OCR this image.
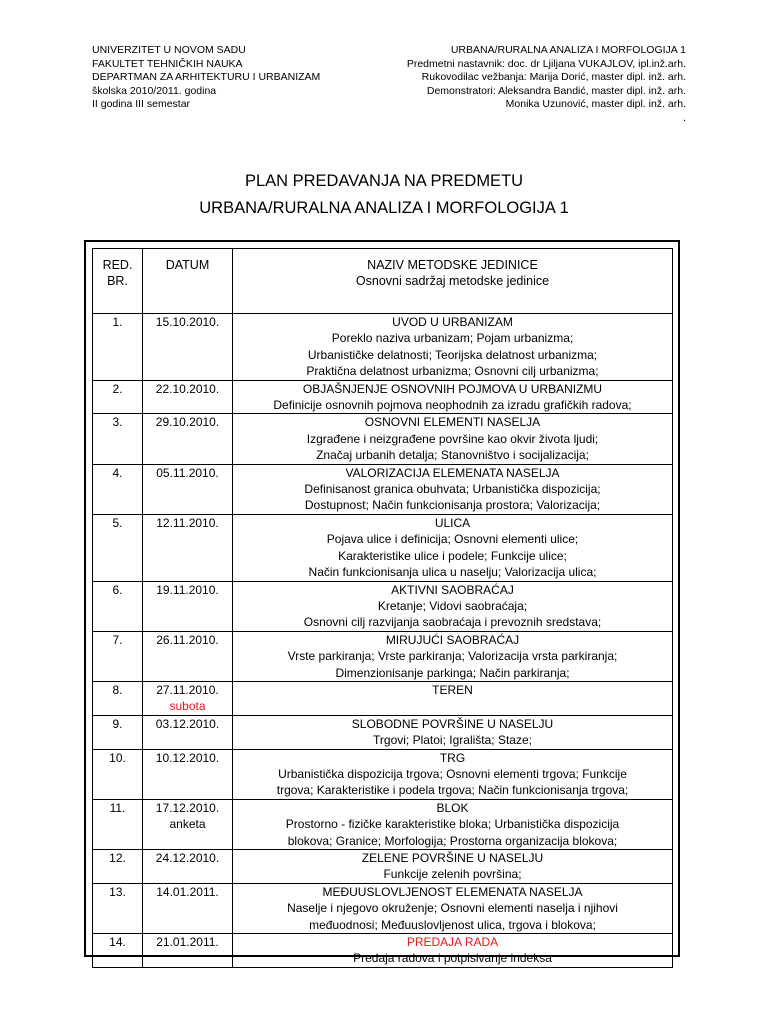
UNIVERZITET U NOVOM SADU
FAKULTET TEHNIČKIH NAUKA
DEPARTMAN ZA ARHITEKTURU I URBANIZAM
školska 2010/2011. godina
II godina III semestar
URBANA/RURALNA ANALIZA I MORFOLOGIJA 1
Predmetni nastavnik: doc. dr Ljiljana VUKAJLOV, ipl.inž.arh.
Rukovodilac vežbanja: Marija Dorić, master dipl. inž. arh.
Demonstratori: Aleksandra Bandić, master dipl. inž. arh.
Monika Uzunović, master dipl. inž. arh.
.
PLAN PREDAVANJA NA PREDMETU
URBANA/RURALNA ANALIZA I MORFOLOGIJA 1
RED.
BR.	DATUM	NAZIV METODSKE JEDINICE
Osnovni sadržaj metodske jedinice

1.	15.10.2010.	UVOD U URBANIZAM
Poreklo naziva urbanizam; Pojam urbanizma;
Urbanističke delatnosti; Teorijska delatnost urbanizma;
Praktična delatnost urbanizma; Osnovni cilj urbanizma;

2.	22.10.2010.	OBJAŠNJENJE OSNOVNIH POJMOVA U URBANIZMU
Definicije osnovnih pojmova neophodnih za izradu grafičkih radova;

3.	29.10.2010.	OSNOVNI ELEMENTI NASELJA
Izgrađene i neizgrađene površine kao okvir života ljudi;
Značaj urbanih detalja; Stanovništvo i socijalizacija;

4.	05.11.2010.	VALORIZACIJA ELEMENATA NASELJA
Definisanost granica obuhvata; Urbanistička dispozicija;
Dostupnost; Način funkcionisanja prostora; Valorizacija;

5.	12.11.2010.	ULICA
Pojava ulice i definicija; Osnovni elementi ulice;
Karakteristike ulice i podele; Funkcije ulice;
Način funkcionisanja ulica u naselju; Valorizacija ulica;

6.	19.11.2010.	AKTIVNI SAOBRAĆAJ
Kretanje; Vidovi saobraćaja;
Osnovni cilj razvijanja saobraćaja i prevoznih sredstava;

7.	26.11.2010.	MIRUJUĆI SAOBRAĆAJ
Vrste parkiranja; Vrste parkiranja; Valorizacija vrsta parkiranja;
Dimenzionisanje parkinga; Način parkiranja;

8.	27.11.2010.
subota	TEREN

9.	03.12.2010.	SLOBODNE POVRŠINE U NASELJU
Trgovi; Platoi; Igrališta; Staze;

10.	10.12.2010.	TRG
Urbanistička dispozicija trgova; Osnovni elementi trgova; Funkcije
trgova; Karakteristike i podela trgova; Način funkcionisanja trgova;

11.	17.12.2010.
anketa	BLOK
Prostorno - fizičke karakteristike bloka; Urbanistička dispozicija
blokova; Granice; Morfologija; Prostorna organizacija blokova;

12.	24.12.2010.	ZELENE POVRŠINE U NASELJU
Funkcije zelenih površina;

13.	14.01.2011.	MEĐUUSLOVLJENOST ELEMENATA NASELJA
Naselje i njegovo okruženje; Osnovni elementi naselja i njihovi
međuodnosi; Međuuslovljenost ulica, trgova i blokova;

14.	21.01.2011.	PREDAJA RADA
Predaja radova i potpisivanje indeksa
